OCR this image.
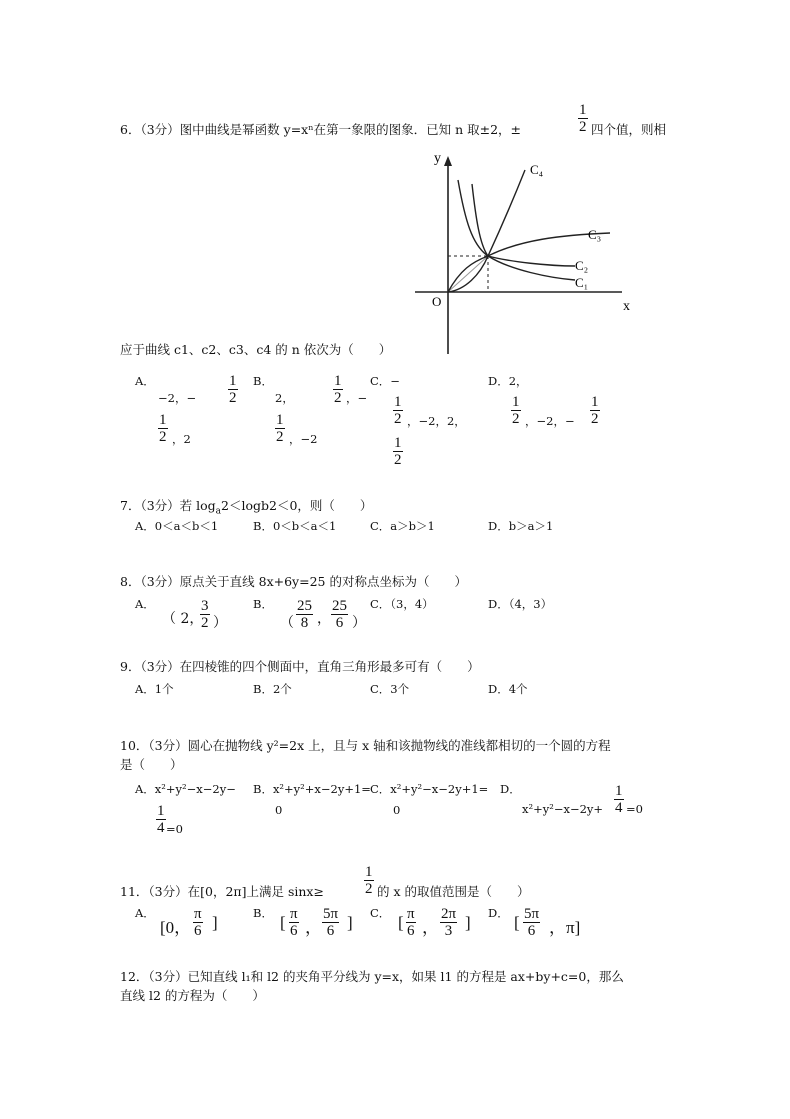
6．（3分）图中曲线是幂函数 y=xⁿ在第一象限的图象．已知 n 取±2，±	$\frac{1}{2}$ 四个值，则相
y
x
O
C₄
C₃
C₂
C₁
应于曲线 c1、c2、c3、c4 的 n 依次为（　　）
A．
−2，− $\frac{1}{2}$
$\frac{1}{2}$ ，2
B．
2，	$\frac{1}{2}$ ，−
$\frac{1}{2}$ ，−2
C．−
$\frac{1}{2}$ ，−2，2，
$\frac{1}{2}$
D．2，
$\frac{1}{2}$ ，−2，− $\frac{1}{2}$
7．（3分）若 $\log_a2<\log b2<0$，则（　　）
A．0＜a＜b＜1	B．0＜b＜a＜1	C．a＞b＞1	D．b＞a＞1
8．（3分）原点关于直线 8x+6y=25 的对称点坐标为（　　）
A．
（ 2，
$\frac{3}{2}$ ）
B．
（ $\frac{25}{8}$ ， $\frac{25}{6}$ ）
C．（3，4）	D．（4，3）
9．（3分）在四棱锥的四个侧面中，直角三角形最多可有（　　）
A．1个	B．2个	C．3个	D．4个
10．（3分）圆心在抛物线 y²=2x 上，且与 x 轴和该抛物线的准线都相切的一个圆的方程
是（　　）
A．x²+y²−x−2y−
$\frac{1}{4} =0$
B．x²+y²+x−2y+1=
0
C．x²+y²−x−2y+1=
0
D．
$x^2+y^2-x-2y+ \frac{1}{4} =0$
11．（3分）在[0，2π]上满足 sinx≥	$\frac{1}{2}$ 的 x 的取值范围是（　　）
A．
[0， $\frac{\pi}{6}$ ]	B． [ $\frac{\pi}{6}$ ， $\frac{5\pi}{6}$ ] C． [ $\frac{\pi}{6}$ ， $\frac{2\pi}{3}$ ] D． [ $\frac{5\pi}{6}$ ，π]
12．（3分）已知直线 l₁和 l2 的夹角平分线为 y=x，如果 l1 的方程是 ax+by+c=0，那么
直线 l2 的方程为（　　）
